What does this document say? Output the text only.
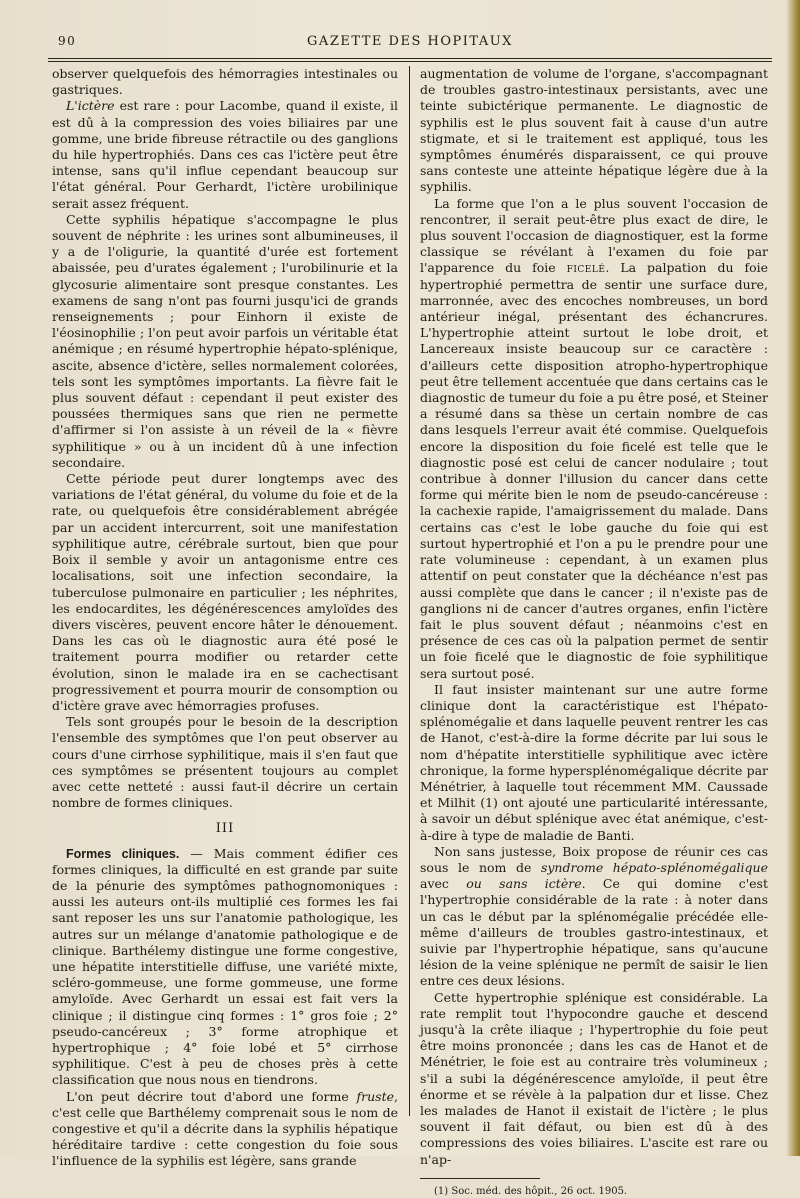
90	GAZETTE DES HOPITAUX

observer quelquefois des hémorragies intestinales ou gastriques.

L'ictère est rare : pour Lacombe, quand il existe, il est dû à la compression des voies biliaires par une gomme, une bride fibreuse rétractile ou des ganglions du hile hypertrophiés. Dans ces cas l'ictère peut être intense, sans qu'il influe cependant beaucoup sur l'état général. Pour Gerhardt, l'ictère urobilinique serait assez fréquent.

Cette syphilis hépatique s'accompagne le plus souvent de néphrite : les urines sont albumineuses, il y a de l'oligurie, la quantité d'urée est fortement abaissée, peu d'urates également ; l'urobilinurie et la glycosurie alimentaire sont presque constantes. Les examens de sang n'ont pas fourni jusqu'ici de grands renseignements ; pour Einhorn il existe de l'éosinophilie ; l'on peut avoir parfois un véritable état anémique ; en résumé hypertrophie hépato-splénique, ascite, absence d'ictère, selles normalement colorées, tels sont les symptômes importants. La fièvre fait le plus souvent défaut : cependant il peut exister des poussées thermiques sans que rien ne permette d'affirmer si l'on assiste à un réveil de la « fièvre syphilitique » ou à un incident dû à une infection secondaire.

Cette période peut durer longtemps avec des variations de l'état général, du volume du foie et de la rate, ou quelquefois être considérablement abrégée par un accident intercurrent, soit une manifestation syphilitique autre, cérébrale surtout, bien que pour Boix il semble y avoir un antagonisme entre ces localisations, soit une infection secondaire, la tuberculose pulmonaire en particulier ; les néphrites, les endocardites, les dégénérescences amyloïdes des divers viscères, peuvent encore hâter le dénouement. Dans les cas où le diagnostic aura été posé le traitement pourra modifier ou retarder cette évolution, sinon le malade ira en se cachectisant progressivement et pourra mourir de consomption ou d'ictère grave avec hémorragies profuses.

Tels sont groupés pour le besoin de la description l'ensemble des symptômes que l'on peut observer au cours d'une cirrhose syphilitique, mais il s'en faut que ces symptômes se présentent toujours au complet avec cette netteté : aussi faut-il décrire un certain nombre de formes cliniques.

III

Formes cliniques. — Mais comment édifier ces formes cliniques, la difficulté en est grande par suite de la pénurie des symptômes pathognomoniques : aussi les auteurs ont-ils multiplié ces formes les fai sant reposer les uns sur l'anatomie pathologique, les autres sur un mélange d'anatomie pathologique e de clinique. Barthélemy distingue une forme congestive, une hépatite interstitielle diffuse, une variété mixte, scléro-gommeuse, une forme gommeuse, une forme amyloïde. Avec Gerhardt un essai est fait vers la clinique ; il distingue cinq formes : 1° gros foie ; 2° pseudo-cancéreux ; 3° forme atrophique et hypertrophique ; 4° foie lobé et 5° cirrhose syphilitique. C'est à peu de choses près à cette classification que nous nous en tiendrons.

L'on peut décrire tout d'abord une forme fruste, c'est celle que Barthélemy comprenait sous le nom de congestive et qu'il a décrite dans la syphilis hépatique héréditaire tardive : cette congestion du foie sous l'influence de la syphilis est légère, sans grande

augmentation de volume de l'organe, s'accompagnant de troubles gastro-intestinaux persistants, avec une teinte subictérique permanente. Le diagnostic de syphilis est le plus souvent fait à cause d'un autre stigmate, et si le traitement est appliqué, tous les symptômes énumérés disparaissent, ce qui prouve sans conteste une atteinte hépatique légère due à la syphilis.

La forme que l'on a le plus souvent l'occasion de rencontrer, il serait peut-être plus exact de dire, le plus souvent l'occasion de diagnostiquer, est la forme classique se révélant à l'examen du foie par l'apparence du foie ficelé. La palpation du foie hypertrophié permettra de sentir une surface dure, marronnée, avec des encoches nombreuses, un bord antérieur inégal, présentant des échancrures. L'hypertrophie atteint surtout le lobe droit, et Lancereaux insiste beaucoup sur ce caractère : d'ailleurs cette disposition atropho-hypertrophique peut être tellement accentuée que dans certains cas le diagnostic de tumeur du foie a pu être posé, et Steiner a résumé dans sa thèse un certain nombre de cas dans lesquels l'erreur avait été commise. Quelquefois encore la disposition du foie ficelé est telle que le diagnostic posé est celui de cancer nodulaire ; tout contribue à donner l'illusion du cancer dans cette forme qui mérite bien le nom de pseudo-cancéreuse : la cachexie rapide, l'amaigrissement du malade. Dans certains cas c'est le lobe gauche du foie qui est surtout hypertrophié et l'on a pu le prendre pour une rate volumineuse : cependant, à un examen plus attentif on peut constater que la déchéance n'est pas aussi complète que dans le cancer ; il n'existe pas de ganglions ni de cancer d'autres organes, enfin l'ictère fait le plus souvent défaut ; néanmoins c'est en présence de ces cas où la palpation permet de sentir un foie ficelé que le diagnostic de foie syphilitique sera surtout posé.

Il faut insister maintenant sur une autre forme clinique dont la caractéristique est l'hépato-splénomégalie et dans laquelle peuvent rentrer les cas de Hanot, c'est-à-dire la forme décrite par lui sous le nom d'hépatite interstitielle syphilitique avec ictère chronique, la forme hypersplénomégalique décrite par Ménétrier, à laquelle tout récemment MM. Caussade et Milhit (1) ont ajouté une particularité intéressante, à savoir un début splénique avec état anémique, c'est-à-dire à type de maladie de Banti.

Non sans justesse, Boix propose de réunir ces cas sous le nom de syndrome hépato-splénomégalique avec ou sans ictère. Ce qui domine c'est l'hypertrophie considérable de la rate : à noter dans un cas le début par la splénomégalie précédée elle-même d'ailleurs de troubles gastro-intestinaux, et suivie par l'hypertrophie hépatique, sans qu'aucune lésion de la veine splénique ne permît de saisir le lien entre ces deux lésions.

Cette hypertrophie splénique est considérable. La rate remplit tout l'hypocondre gauche et descend jusqu'à la crête iliaque ; l'hypertrophie du foie peut être moins prononcée ; dans les cas de Hanot et de Ménétrier, le foie est au contraire très volumineux ; s'il a subi la dégénérescence amyloïde, il peut être énorme et se révèle à la palpation dur et lisse. Chez les malades de Hanot il existait de l'ictère ; le plus souvent il fait défaut, ou bien est dû à des compressions des voies biliaires. L'ascite est rare ou n'ap-

(1) Soc. méd. des hôpit., 26 oct. 1905.
